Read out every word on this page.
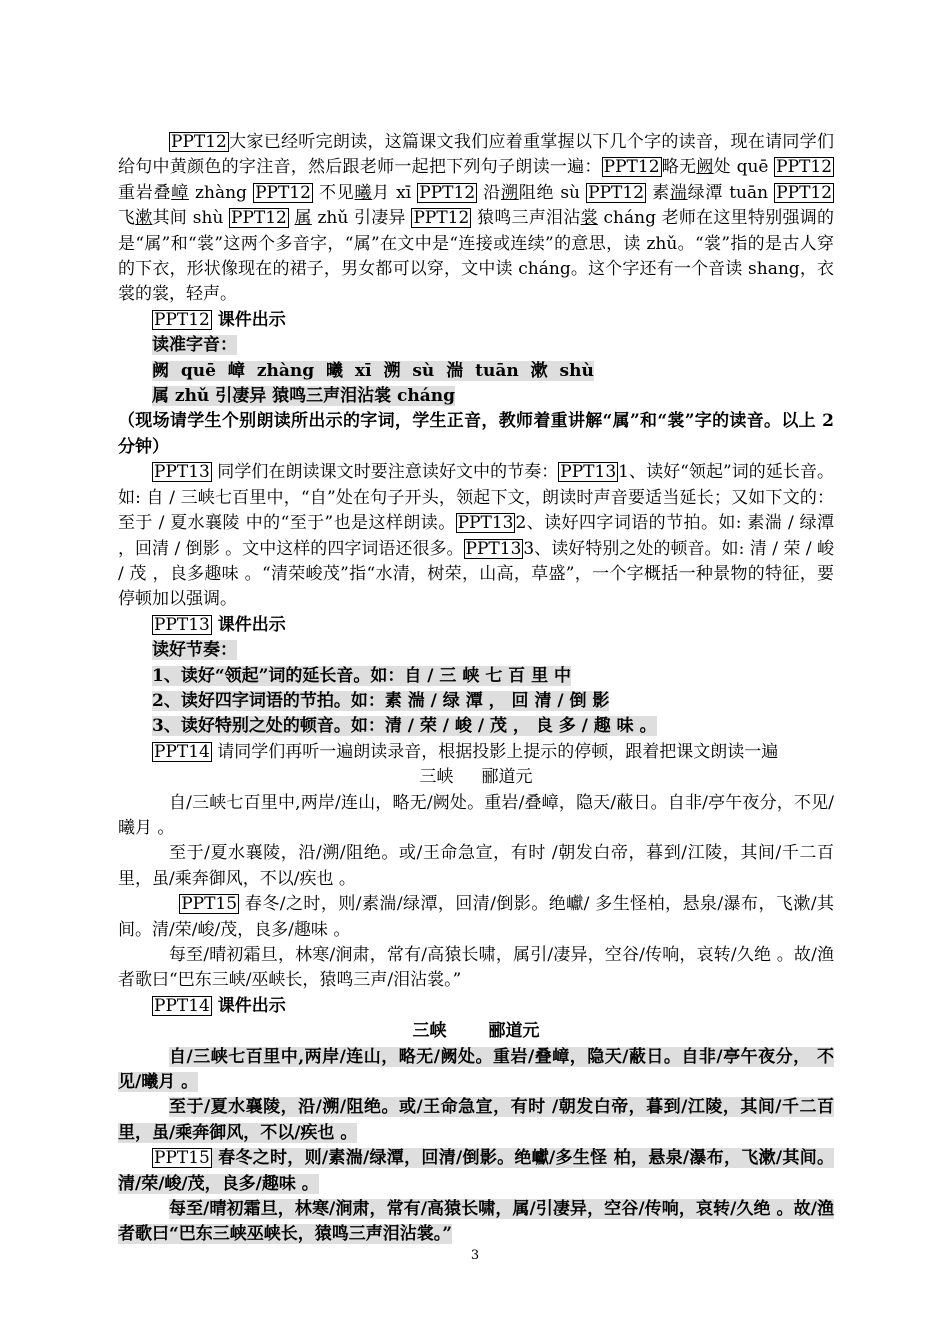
PPT12 大家已经听完朗读，这篇课文我们应着重掌握以下几个字的读音，现在请同学们给句中黄颜色的字注音，然后跟老师一起把下列句子朗读一遍： PPT12 略无阙处 quē PPT12 重岩叠嶂 zhàng PPT12 不见曦月 xī PPT12 沿溯阻绝 sù PPT12 素湍绿潭 tuān PPT12 飞漱其间 shù PPT12 属 zhǔ 引凄异 PPT12 猿鸣三声泪沾裳 cháng 老师在这里特别强调的是“属”和“裳”这两个多音字，“属”在文中是“连接或连续”的意思，读 zhǔ。“裳”指的是古人穿的下衣，形状像现在的裙子，男女都可以穿，文中读 cháng。这个字还有一个音读 shang，衣裳的裳，轻声。

PPT12 课件出示

读准字音：

阙 quē 嶂 zhàng 曦 xī 溯 sù 湍 tuān 漱 shù

属 zhǔ 引凄异 猿鸣三声泪沾裳 cháng

（现场请学生个别朗读所出示的字词，学生正音，教师着重讲解“属”和“裳”字的读音。以上 2 分钟）

PPT13 同学们在朗读课文时要注意读好文中的节奏： PPT13 1、读好“领起”词的延长音。如: 自 / 三峡七百里中，“自”处在句子开头，领起下文，朗读时声音要适当延长；又如下文的：至于 / 夏水襄陵 中的“至于”也是这样朗读。 PPT13 2、读好四字词语的节拍。如: 素湍 / 绿潭 ，回清 / 倒影 。文中这样的四字词语还很多。 PPT13 3、读好特别之处的顿音。如: 清 / 荣 / 峻 / 茂 ，良多趣味 。“清荣峻茂”指“水清，树荣，山高，草盛”，一个字概括一种景物的特征，要停顿加以强调。

PPT13 课件出示

读好节奏：

1、读好“领起”词的延长音。如：自 / 三 峡 七 百 里 中

2、读好四字词语的节拍。如：素 湍 / 绿 潭 ， 回 清 / 倒 影

3、读好特别之处的顿音。如：清 / 荣 / 峻 / 茂 ， 良 多 / 趣 味 。

PPT14 请同学们再听一遍朗读录音，根据投影上提示的停顿，跟着把课文朗读一遍

三峡 郦道元

自/三峡七百里中,两岸/连山，略无/阙处。重岩/叠嶂，隐天/蔽日。自非/亭午夜分，不见/曦月 。

至于/夏水襄陵，沿/溯/阻绝。或/王命急宣，有时 /朝发白帝，暮到/江陵，其间/千二百里，虽/乘奔御风，不以/疾也 。

PPT15 春冬/之时，则/素湍/绿潭，回清/倒影。绝巘/ 多生怪柏，悬泉/瀑布，飞漱/其间。清/荣/峻/茂，良多/趣味 。

每至/晴初霜旦，林寒/涧肃，常有/高猿长啸，属引/凄异，空谷/传响，哀转/久绝 。故/渔者歌曰“巴东三峡/巫峡长，猿鸣三声/泪沾裳。”

PPT14 课件出示

三峡 郦道元

自/三峡七百里中,两岸/连山，略无/阙处。重岩/叠嶂，隐天/蔽日。自非/亭午夜分， 不见/曦月 。

至于/夏水襄陵，沿/溯/阻绝。或/王命急宣，有时 /朝发白帝，暮到/江陵，其间/千二百里，虽/乘奔御风，不以/疾也 。

PPT15 春冬之时，则/素湍/绿潭，回清/倒影。绝巘/多生怪 柏，悬泉/瀑布，飞漱/其间。清/荣/峻/茂，良多/趣味 。

每至/晴初霜旦，林寒/涧肃，常有/高猿长啸，属/引凄异，空谷/传响，哀转/久绝 。故/渔者歌曰“巴东三峡巫峡长，猿鸣三声泪沾裳。”

3
